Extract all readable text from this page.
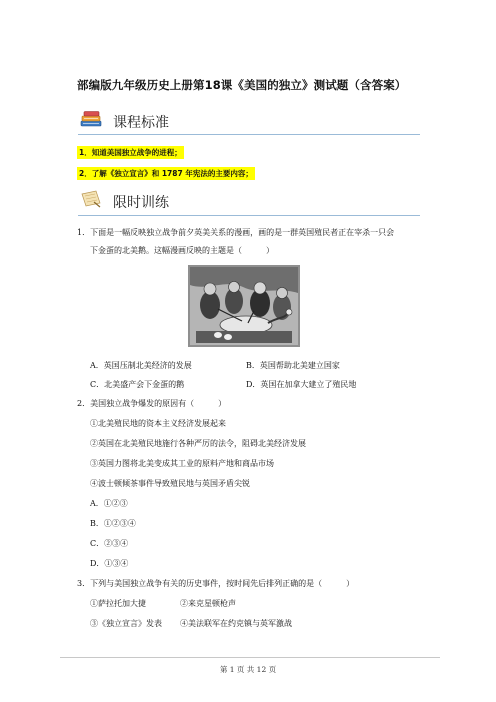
部编版九年级历史上册第18课《美国的独立》测试题（含答案）
课程标准
1．知道美国独立战争的进程；
2．了解《独立宣言》和 1787 年宪法的主要内容；
限时训练
1．下面是一幅反映独立战争前夕英美关系的漫画，画的是一群英国殖民者正在宰杀一只会
下金蛋的北美鹅。这幅漫画反映的主题是（　　　）
A．英国压制北美经济的发展	B．英国帮助北美建立国家
C．北美盛产会下金蛋的鹅	D．英国在加拿大建立了殖民地
2．美国独立战争爆发的原因有（　　　）
①北美殖民地的资本主义经济发展起来
②英国在北美殖民地施行各种严厉的法令，阻碍北美经济发展
③英国力图将北美变成其工业的原料产地和商品市场
④波士顿倾茶事件导致殖民地与英国矛盾尖锐
A．①②③
B．①②③④
C．②③④
D．①③④
3．下列与美国独立战争有关的历史事件，按时间先后排列正确的是（　　　）
①萨拉托加大捷	②来克星顿枪声
③《独立宣言》发表 ④美法联军在约克镇与英军激战
第 1 页 共 12 页
